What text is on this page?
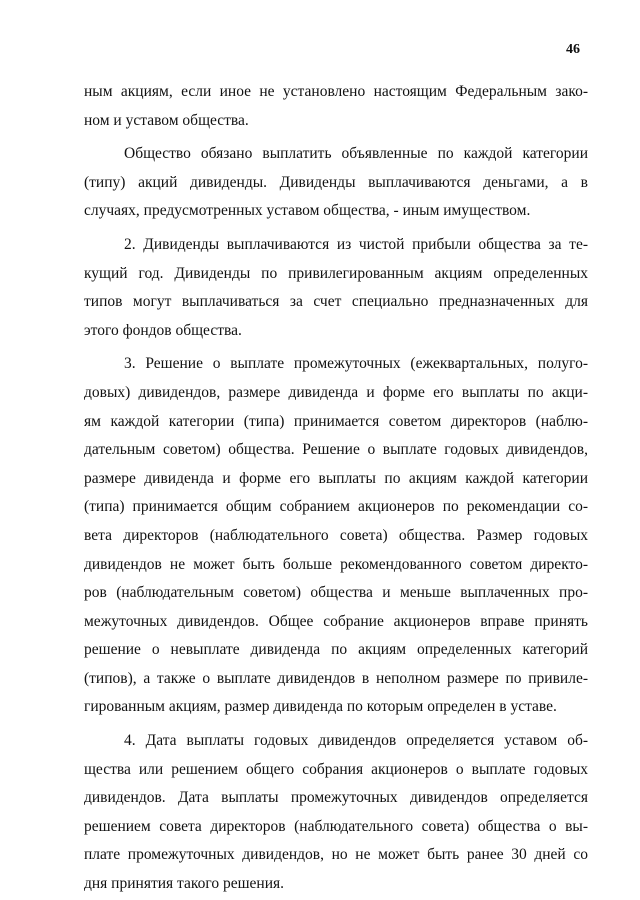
46
ным акциям, если иное не установлено настоящим Федеральным зако-
ном и уставом общества.
Общество обязано выплатить объявленные по каждой категории
(типу) акций дивиденды. Дивиденды выплачиваются деньгами, а в
случаях, предусмотренных уставом общества, - иным имуществом.
2. Дивиденды выплачиваются из чистой прибыли общества за те-
кущий год. Дивиденды по привилегированным акциям определенных
типов могут выплачиваться за счет специально предназначенных для
этого фондов общества.
3. Решение о выплате промежуточных (ежеквартальных, полуго-
довых) дивидендов, размере дивиденда и форме его выплаты по акци-
ям каждой категории (типа) принимается советом директоров (наблю-
дательным советом) общества. Решение о выплате годовых дивидендов,
размере дивиденда и форме его выплаты по акциям каждой категории
(типа) принимается общим собранием акционеров по рекомендации со-
вета директоров (наблюдательного совета) общества. Размер годовых
дивидендов не может быть больше рекомендованного советом директо-
ров (наблюдательным советом) общества и меньше выплаченных про-
межуточных дивидендов. Общее собрание акционеров вправе принять
решение о невыплате дивиденда по акциям определенных категорий
(типов), а также о выплате дивидендов в неполном размере по привиле-
гированным акциям, размер дивиденда по которым определен в уставе.
4. Дата выплаты годовых дивидендов определяется уставом об-
щества или решением общего собрания акционеров о выплате годовых
дивидендов. Дата выплаты промежуточных дивидендов определяется
решением совета директоров (наблюдательного совета) общества о вы-
плате промежуточных дивидендов, но не может быть ранее 30 дней со
дня принятия такого решения.
